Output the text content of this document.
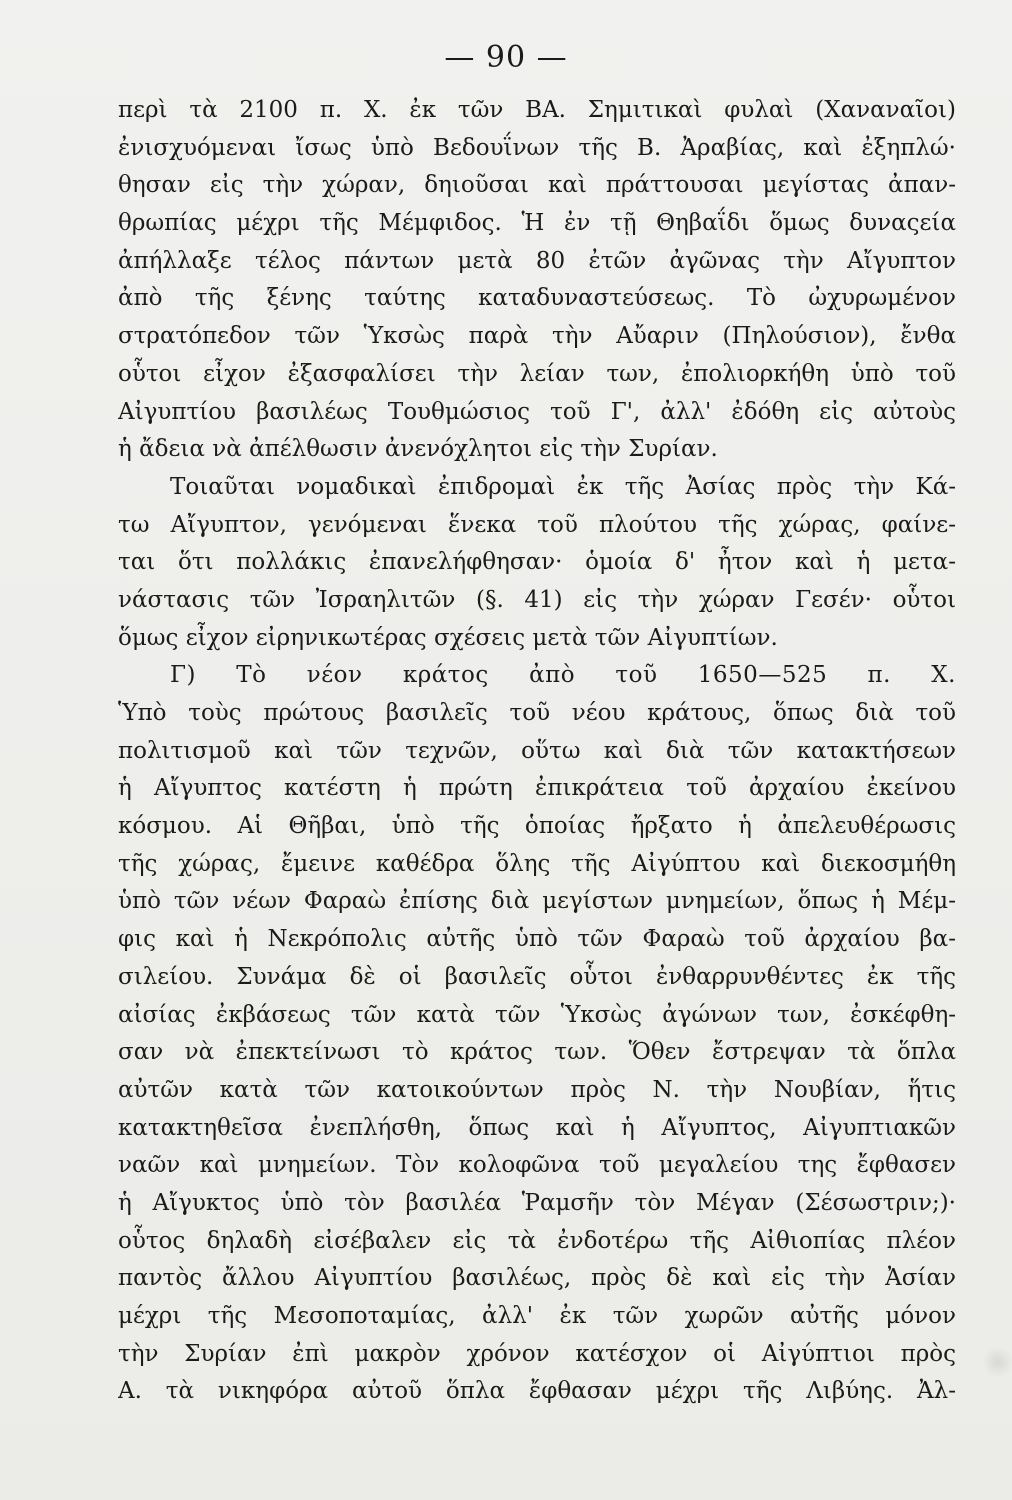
— 90 —
περὶ τὰ 2100 π. Χ. ἐκ τῶν ΒΑ. Σημιτικαὶ φυλαὶ (Χαναναῖοι)
ἐνισχυόμεναι ἴσως ὑπὸ Βεδουΐνων τῆς Β. Ἀραβίας, καὶ ἐξηπλώ·
θησαν εἰς τὴν χώραν, δηιοῦσαι καὶ πράττουσαι μεγίστας ἀπαν-
θρωπίας μέχρι τῆς Μέμφιδος. Ἡ ἐν τῇ Θηβαΐδι ὅμως δυναςεία
ἀπήλλαξε τέλος πάντων μετὰ 80 ἐτῶν ἀγῶνας τὴν Αἴγυπτον
ἀπὸ τῆς ξένης ταύτης καταδυναστεύσεως. Τὸ ὠχυρωμένον
στρατόπεδον τῶν Ὑκσὼς παρὰ τὴν Αὔαριν (Πηλούσιον), ἔνθα
οὗτοι εἶχον ἐξασφαλίσει τὴν λείαν των, ἐπολιορκήθη ὑπὸ τοῦ
Αἰγυπτίου βασιλέως Τουθμώσιος τοῦ Γ', ἀλλ' ἐδόθη εἰς αὐτοὺς
ἡ ἄδεια νὰ ἀπέλθωσιν ἀνενόχλητοι εἰς τὴν Συρίαν.
Τοιαῦται νομαδικαὶ ἐπιδρομαὶ ἐκ τῆς Ἀσίας πρὸς τὴν Κά-
τω Αἴγυπτον, γενόμεναι ἕνεκα τοῦ πλούτου τῆς χώρας, φαίνε-
ται ὅτι πολλάκις ἐπανελήφθησαν· ὁμοία δ' ἦτον καὶ ἡ μετα-
νάστασις τῶν Ἰσραηλιτῶν (§. 41) εἰς τὴν χώραν Γεσέν· οὗτοι
ὅμως εἶχον εἰρηνικωτέρας σχέσεις μετὰ τῶν Αἰγυπτίων.
Γ) Τὸ νέον κράτος ἀπὸ τοῦ 1650—525 π. Χ.
Ὑπὸ τοὺς πρώτους βασιλεῖς τοῦ νέου κράτους, ὅπως διὰ τοῦ
πολιτισμοῦ καὶ τῶν τεχνῶν, οὕτω καὶ διὰ τῶν κατακτήσεων
ἡ Αἴγυπτος κατέστη ἡ πρώτη ἐπικράτεια τοῦ ἀρχαίου ἐκείνου
κόσμου. Αἱ Θῆβαι, ὑπὸ τῆς ὁποίας ἤρξατο ἡ ἀπελευθέρωσις
τῆς χώρας, ἔμεινε καθέδρα ὅλης τῆς Αἰγύπτου καὶ διεκοσμήθη
ὑπὸ τῶν νέων Φαραὼ ἐπίσης διὰ μεγίστων μνημείων, ὅπως ἡ Μέμ-
φις καὶ ἡ Νεκρόπολις αὐτῆς ὑπὸ τῶν Φαραὼ τοῦ ἀρχαίου βα-
σιλείου. Συνάμα δὲ οἱ βασιλεῖς οὗτοι ἐνθαρρυνθέντες ἐκ τῆς
αἰσίας ἐκβάσεως τῶν κατὰ τῶν Ὑκσὼς ἀγώνων των, ἐσκέφθη-
σαν νὰ ἐπεκτείνωσι τὸ κράτος των. Ὅθεν ἔστρεψαν τὰ ὅπλα
αὐτῶν κατὰ τῶν κατοικούντων πρὸς Ν. τὴν Νουβίαν, ἥτις
κατακτηθεῖσα ἐνεπλήσθη, ὅπως καὶ ἡ Αἴγυπτος, Αἰγυπτιακῶν
ναῶν καὶ μνημείων. Τὸν κολοφῶνα τοῦ μεγαλείου της ἔφθασεν
ἡ Αἴγυκτος ὑπὸ τὸν βασιλέα Ῥαμσῆν τὸν Μέγαν (Σέσωστριν;)·
οὗτος δηλαδὴ εἰσέβαλεν εἰς τὰ ἐνδοτέρω τῆς Αἰθιοπίας πλέον
παντὸς ἄλλου Αἰγυπτίου βασιλέως, πρὸς δὲ καὶ εἰς τὴν Ἀσίαν
μέχρι τῆς Μεσοποταμίας, ἀλλ' ἐκ τῶν χωρῶν αὐτῆς μόνον
τὴν Συρίαν ἐπὶ μακρὸν χρόνον κατέσχον οἱ Αἰγύπτιοι πρὸς
Α. τὰ νικηφόρα αὐτοῦ ὅπλα ἔφθασαν μέχρι τῆς Λιβύης. Ἀλ-
